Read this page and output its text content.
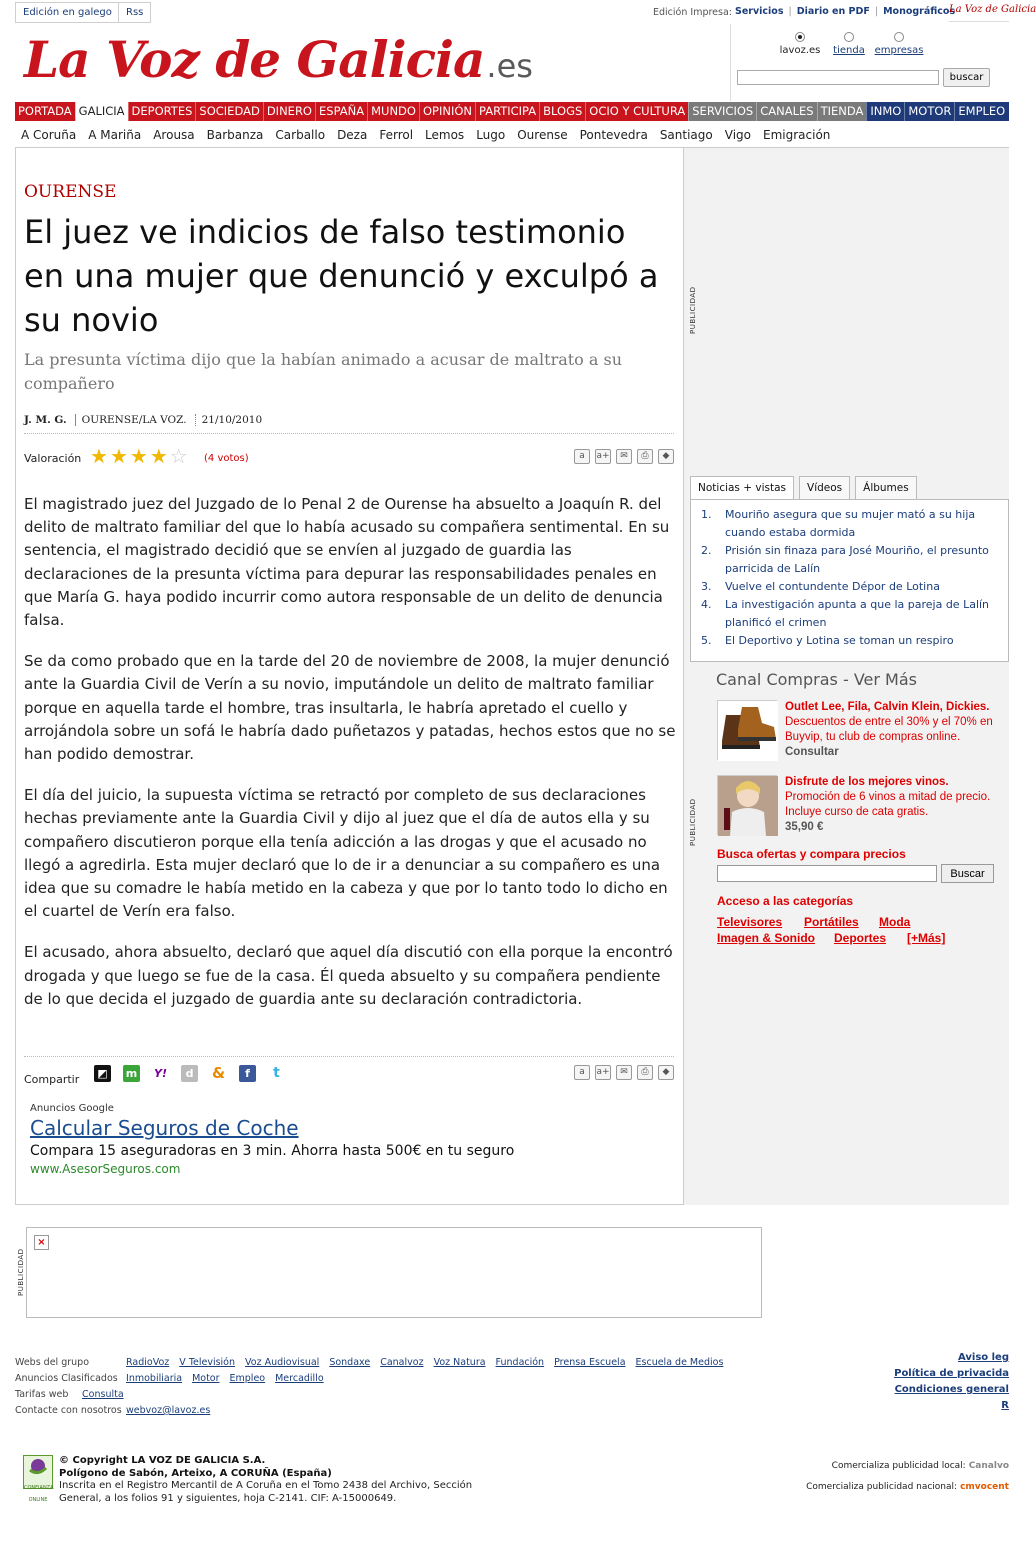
Edición en galego	Rss	Edición Impresa: Servicios | Diario en PDF | Monográficos
La Voz de Galicia
La Voz de Galicia.es	lavoz.es	tienda empresas
buscar
PORTADA GALICIA DEPORTES SOCIEDAD DINERO ESPAÑA MUNDO OPINIÓN PARTICIPA BLOGS OCIO Y CULTURA SERVICIOS CANALES TIENDA INMO MOTOR EMPLEO
A Coruña	A Mariña	Arousa	Barbanza	Carballo	Deza	Ferrol	Lemos	Lugo	Ourense	Pontevedra	Santiago	Vigo	Emigración
OURENSE
El juez ve indicios de falso testimonio en una mujer que denunció y exculpó a su novio

La presunta víctima dijo que la habían animado a acusar de maltrato a su compañero

J. M. G. OURENSE/LA VOZ. 21/10/2010
Valoración ★★★★☆ (4 votos)	a	a+	✉	⎙	◆

El magistrado juez del Juzgado de lo Penal 2 de Ourense ha absuelto a Joaquín R. del delito de maltrato familiar del que lo había acusado su compañera sentimental. En su sentencia, el magistrado decidió que se envíen al juzgado de guardia las declaraciones de la presunta víctima para depurar las responsabilidades penales en que María G. haya podido incurrir como autora responsable de un delito de denuncia falsa.

Se da como probado que en la tarde del 20 de noviembre de 2008, la mujer denunció ante la Guardia Civil de Verín a su novio, imputándole un delito de maltrato familiar porque en aquella tarde el hombre, tras insultarla, le habría apretado el cuello y arrojándola sobre un sofá le habría dado puñetazos y patadas, hechos estos que no se han podido demostrar.

El día del juicio, la supuesta víctima se retractó por completo de sus declaraciones hechas previamente ante la Guardia Civil y dijo al juez que el día de autos ella y su compañero discutieron porque ella tenía adicción a las drogas y que el acusado no llegó a agredirla. Esta mujer declaró que lo de ir a denunciar a su compañero es una idea que su comadre le había metido en la cabeza y que por lo tanto todo lo dicho en el cuartel de Verín era falso.

El acusado, ahora absuelto, declaró que aquel día discutió con ella porque la encontró drogada y que luego se fue de la casa. Él queda absuelto y su compañera pendiente de lo que decida el juzgado de guardia ante su declaración contradictoria.

Compartir ◩ m Y!	d	&	f	t	a	a+	✉	⎙	◆
Anuncios Google
Calcular Seguros de Coche
Compara 15 aseguradoras en 3 min. Ahorra hasta 500€ en tu seguro
www.AsesorSeguros.com
PUBLICIDAD
Noticias + vistas	Vídeos	Álbumes
1.	Mouriño asegura que su mujer mató a su hija cuando estaba dormida
2.	Prisión sin finaza para José Mouriño, el presunto parricida de Lalín
3.	Vuelve el contundente Dépor de Lotina
4.	La investigación apunta a que la pareja de Lalín planificó el crimen
5.	El Deportivo y Lotina se toman un respiro
Canal Compras - Ver Más
PUBLICIDAD
Outlet Lee, Fila, Calvin Klein, Dickies. Descuentos de entre el 30% y el 70% en Buyvip, tu club de compras online. Consultar
Disfrute de los mejores vinos.
Promoción de 6 vinos a mitad de precio. Incluye curso de cata gratis.
35,90 €
Busca ofertas y compara precios
Buscar
Acceso a las categorías
Televisores Portátiles Moda
Imagen & Sonido Deportes [+Más]
PUBLICIDAD
×
Webs del grupo	RadioVoz V Televisión Voz Audiovisual Sondaxe Canalvoz Voz Natura Fundación Prensa Escuela Escuela de Medios
Anuncios Clasificados Inmobiliaria Motor Empleo Mercadillo
Tarifas web Consulta
Contacte con nosotros webvoz@lavoz.es
Aviso leg
Política de privacida
Condiciones general
R
CONFIANZA ONLINE
© Copyright LA VOZ DE GALICIA S.A.
Polígono de Sabón, Arteixo, A CORUÑA (España)
Inscrita en el Registro Mercantil de A Coruña en el Tomo 2438 del Archivo, Sección General, a los folios 91 y siguientes, hoja C-2141. CIF: A-15000649.
Comercializa publicidad local: Canalvo
Comercializa publicidad nacional: cmvocent
